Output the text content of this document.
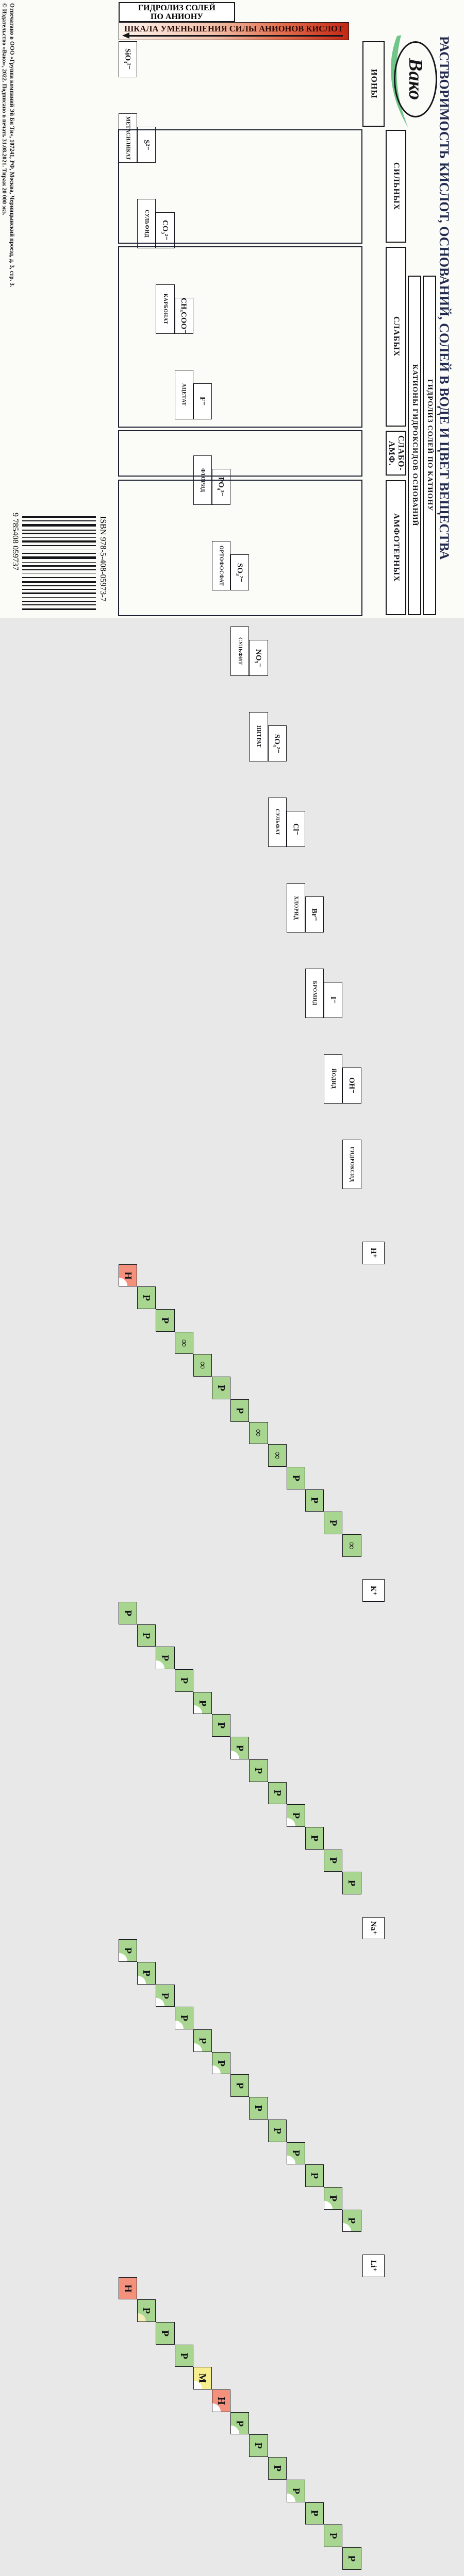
© Издательство «Вако», 2022. Подписано в печать 31.08.2021. Тираж 20 000 экз. Отпечатано в ООО «Группа компаний Эй Би Ти», 107241, РФ, Москва, Черницынский проезд, д. 3, стр. 3.	ГИДРОЛИЗ СОЛЕЙ
ПО АНИОНУ
ШКАЛА УМЕНЬШЕНИЯ СИЛЫ АНИОНОВ КИСЛОТ
SiO₃²⁻
МЕТАСИЛИКАТ S²⁻
СУЛЬФИД CO₃²⁻
КАРБОНАТ CH₃COO⁻
АЦЕТАТ F⁻
ФТОРИД PO₄³⁻
ОРТОФОСФАТ SO₃²⁻
СУЛЬФИТ NO₃⁻
НИТРАТ SO₄²⁻
СУЛЬФАТ Cl⁻
ХЛОРИД Br⁻
БРОМИД I⁻
ЙОДИД OH⁻
ГИДРОКСИД
Н⁺
Н
Р
Р
∞
∞
Р
Р
∞
∞
Р
Р
Р
∞
К⁺
Р
Р
Р
Р
Р
Р
Р
Р
Р
Р
Р
Р
Р
Na⁺
Р
Р
Р
Р
Р
Р
Р
Р
Р
Р
Р
Р
Р
Li⁺
Н
Р
Р
Р
М
Н
Р
Р
Р
Р
Р
Р
Р
СИЛЬНЫХ
СЛАБЫХ
СЛАБО-
АМФ.
АМФОТЕРНЫХ
ИОНЫ
КАТИОНЫ ГИДРОКСИДОВ ОСНОВАНИЙ ГИДРОЛИЗ СОЛЕЙ ПО КАТИОНУ
Вако РАСТВОРИМОСТЬ КИСЛОТ, ОСНОВАНИЙ, СОЛЕЙ В ВОДЕ И ЦВЕТ ВЕЩЕСТВА
9 785408 059737	ISBN 978-5-408-05973-7
